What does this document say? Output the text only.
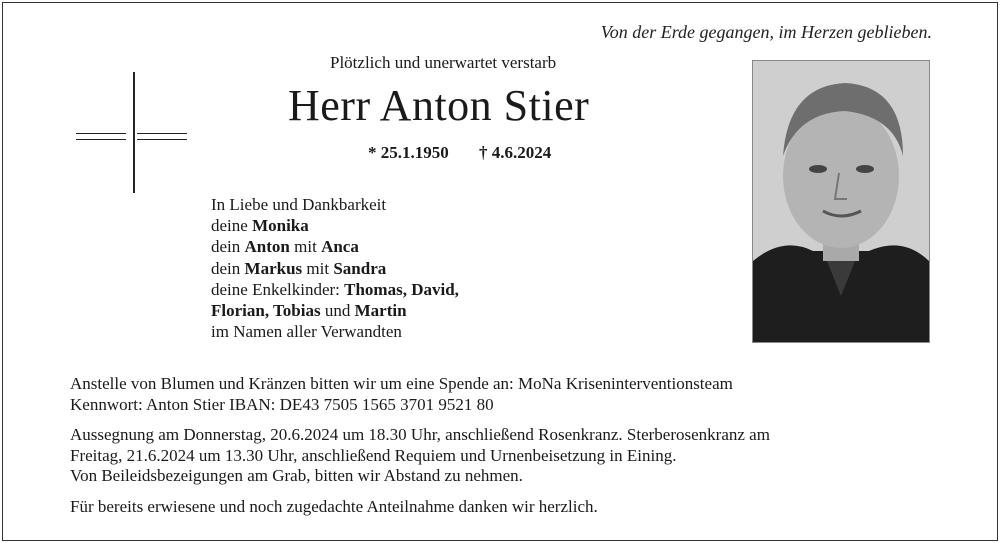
Von der Erde gegangen, im Herzen geblieben.
Plötzlich und unerwartet verstarb
Herr Anton Stier
* 25.1.1950 † 4.6.2024
In Liebe und Dankbarkeit
deine Monika
dein Anton mit Anca
dein Markus mit Sandra
deine Enkelkinder: Thomas, David,
Florian, Tobias und Martin
im Namen aller Verwandten
Anstelle von Blumen und Kränzen bitten wir um eine Spende an: MoNa Kriseninterventionsteam
Kennwort: Anton Stier IBAN: DE43 7505 1565 3701 9521 80
Aussegnung am Donnerstag, 20.6.2024 um 18.30 Uhr, anschließend Rosenkranz. Sterberosenkranz am
Freitag, 21.6.2024 um 13.30 Uhr, anschließend Requiem und Urnenbeisetzung in Eining.
Von Beileidsbezeigungen am Grab, bitten wir Abstand zu nehmen.
Für bereits erwiesene und noch zugedachte Anteilnahme danken wir herzlich.
